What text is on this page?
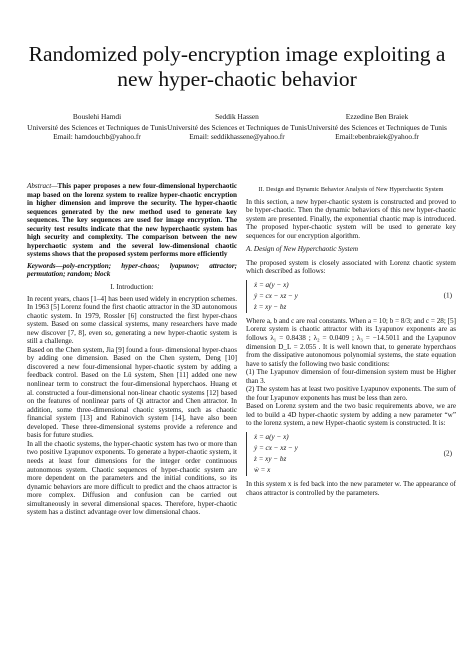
Randomized poly-encryption image exploiting a new hyper-chaotic behavior
Bouslehi Hamdi
Université des Sciences et Techniques de Tunis
Email: hamdouchb@yahoo.fr
Seddik Hassen
Université des Sciences et Techniques de Tunis
Email: seddikhassene@yahoo.fr
Ezzedine Ben Braiek
Université des Sciences et Techniques de Tunis
Email:ebenbraiek@yahoo.fr

Abstract—This paper proposes a new four-dimensional hyperchaotic map based on the lorenz system to realize hyper-chaotic encryption in higher dimension and improve the security. The hyper-chaotic sequences generated by the new method used to generate key sequences. The key sequences are used for image encryption. The security test results indicate that the new hyperchaotic system has high security and complexity. The comparison between the new hyperchaotic system and the several low-dimensional chaotic systems shows that the proposed system performs more efficiently

Keywords—poly-encryption; hyper-chaos; lyapunov; attractor; permutation; random; block

I. Introduction:

In recent years, chaos [1–4] has been used widely in encryption schemes. In 1963 [5] Lorenz found the first chaotic attractor in the 3D autonomous chaotic system. In 1979, Rossler [6] constructed the first hyper-chaos system. Based on some classical systems, many researchers have made new discover [7, 8], even so, generating a new hyper-chaotic system is still a challenge.

Based on the Chen system, Jia [9] found a four- dimensional hyper-chaos by adding one dimension. Based on the Chen system, Deng [10] discovered a new four-dimensional hyper-chaotic system by adding a feedback control. Based on the Lü system, Shen [11] added one new nonlinear term to construct the four-dimensional hyperchaos. Huang et al. constructed a four-dimensional non-linear chaotic systems [12] based on the features of nonlinear parts of Qi attractor and Chen attractor. In addition, some three-dimensional chaotic systems, such as chaotic financial system [13] and Rabinovich system [14], have also been developed. These three-dimensional systems provide a reference and basis for future studies.

In all the chaotic systems, the hyper-chaotic system has two or more than two positive Lyapunov exponents. To generate a hyper-chaotic system, it needs at least four dimensions for the integer order continuous autonomous system. Chaotic sequences of hyper-chaotic system are more dependent on the parameters and the initial conditions, so its dynamic behaviors are more difficult to predict and the chaos attractor is more complex. Diffusion and confusion can be carried out simultaneously in several dimensional spaces. Therefore, hyper-chaotic system has a distinct advantage over low dimensional chaos.

II. Design and Dynamic Behavior Analysis of New Hyperchaotic System

In this section, a new hyper-chaotic system is constructed and proved to be hyper-chaotic. Then the dynamic behaviors of this new hyper-chaotic system are presented. Finally, the exponential chaotic map is introduced. The proposed hyper-chaotic system will be used to generate key sequences for our encryption algorithm.

A. Design of New Hyperchaotic System

The proposed system is closely associated with Lorenz chaotic system which described as follows:

ẋ = a(y − x)
ẏ = cx − xz − y
ż = xy − bz
(1)

Where a, b and c are real constants. When a = 10; b = 8/3; and c = 28; [5] Lorenz system is chaotic attractor with its Lyapunov exponents are as follows λ₁ = 0.8438 ; λ₂ = 0.0409 ; λ₃ = −14.5011 and the Lyapunov dimension D_L = 2.055 . It is well known that, to generate hyperchaos from the dissipative autonomous polynomial systems, the state equation have to satisfy the following two basic conditions:

(1) The Lyapunov dimension of four-dimension system must be Higher than 3.

(2) The system has at least two positive Lyapunov exponents. The sum of the four Lyapunov exponents has must be less than zero.

Based on Lorenz system and the two basic requirements above, we are led to build a 4D hyper-chaotic system by adding a new parameter “w” to the lorenz system, a new Hyper-chaotic system is constructed. It is:

ẋ = a(y − x)
ẏ = cx − xz − y
ż = xy − bz
ẇ = x
(2)

In this system x is fed back into the new parameter w. The appearance of chaos attractor is controlled by the parameters.
